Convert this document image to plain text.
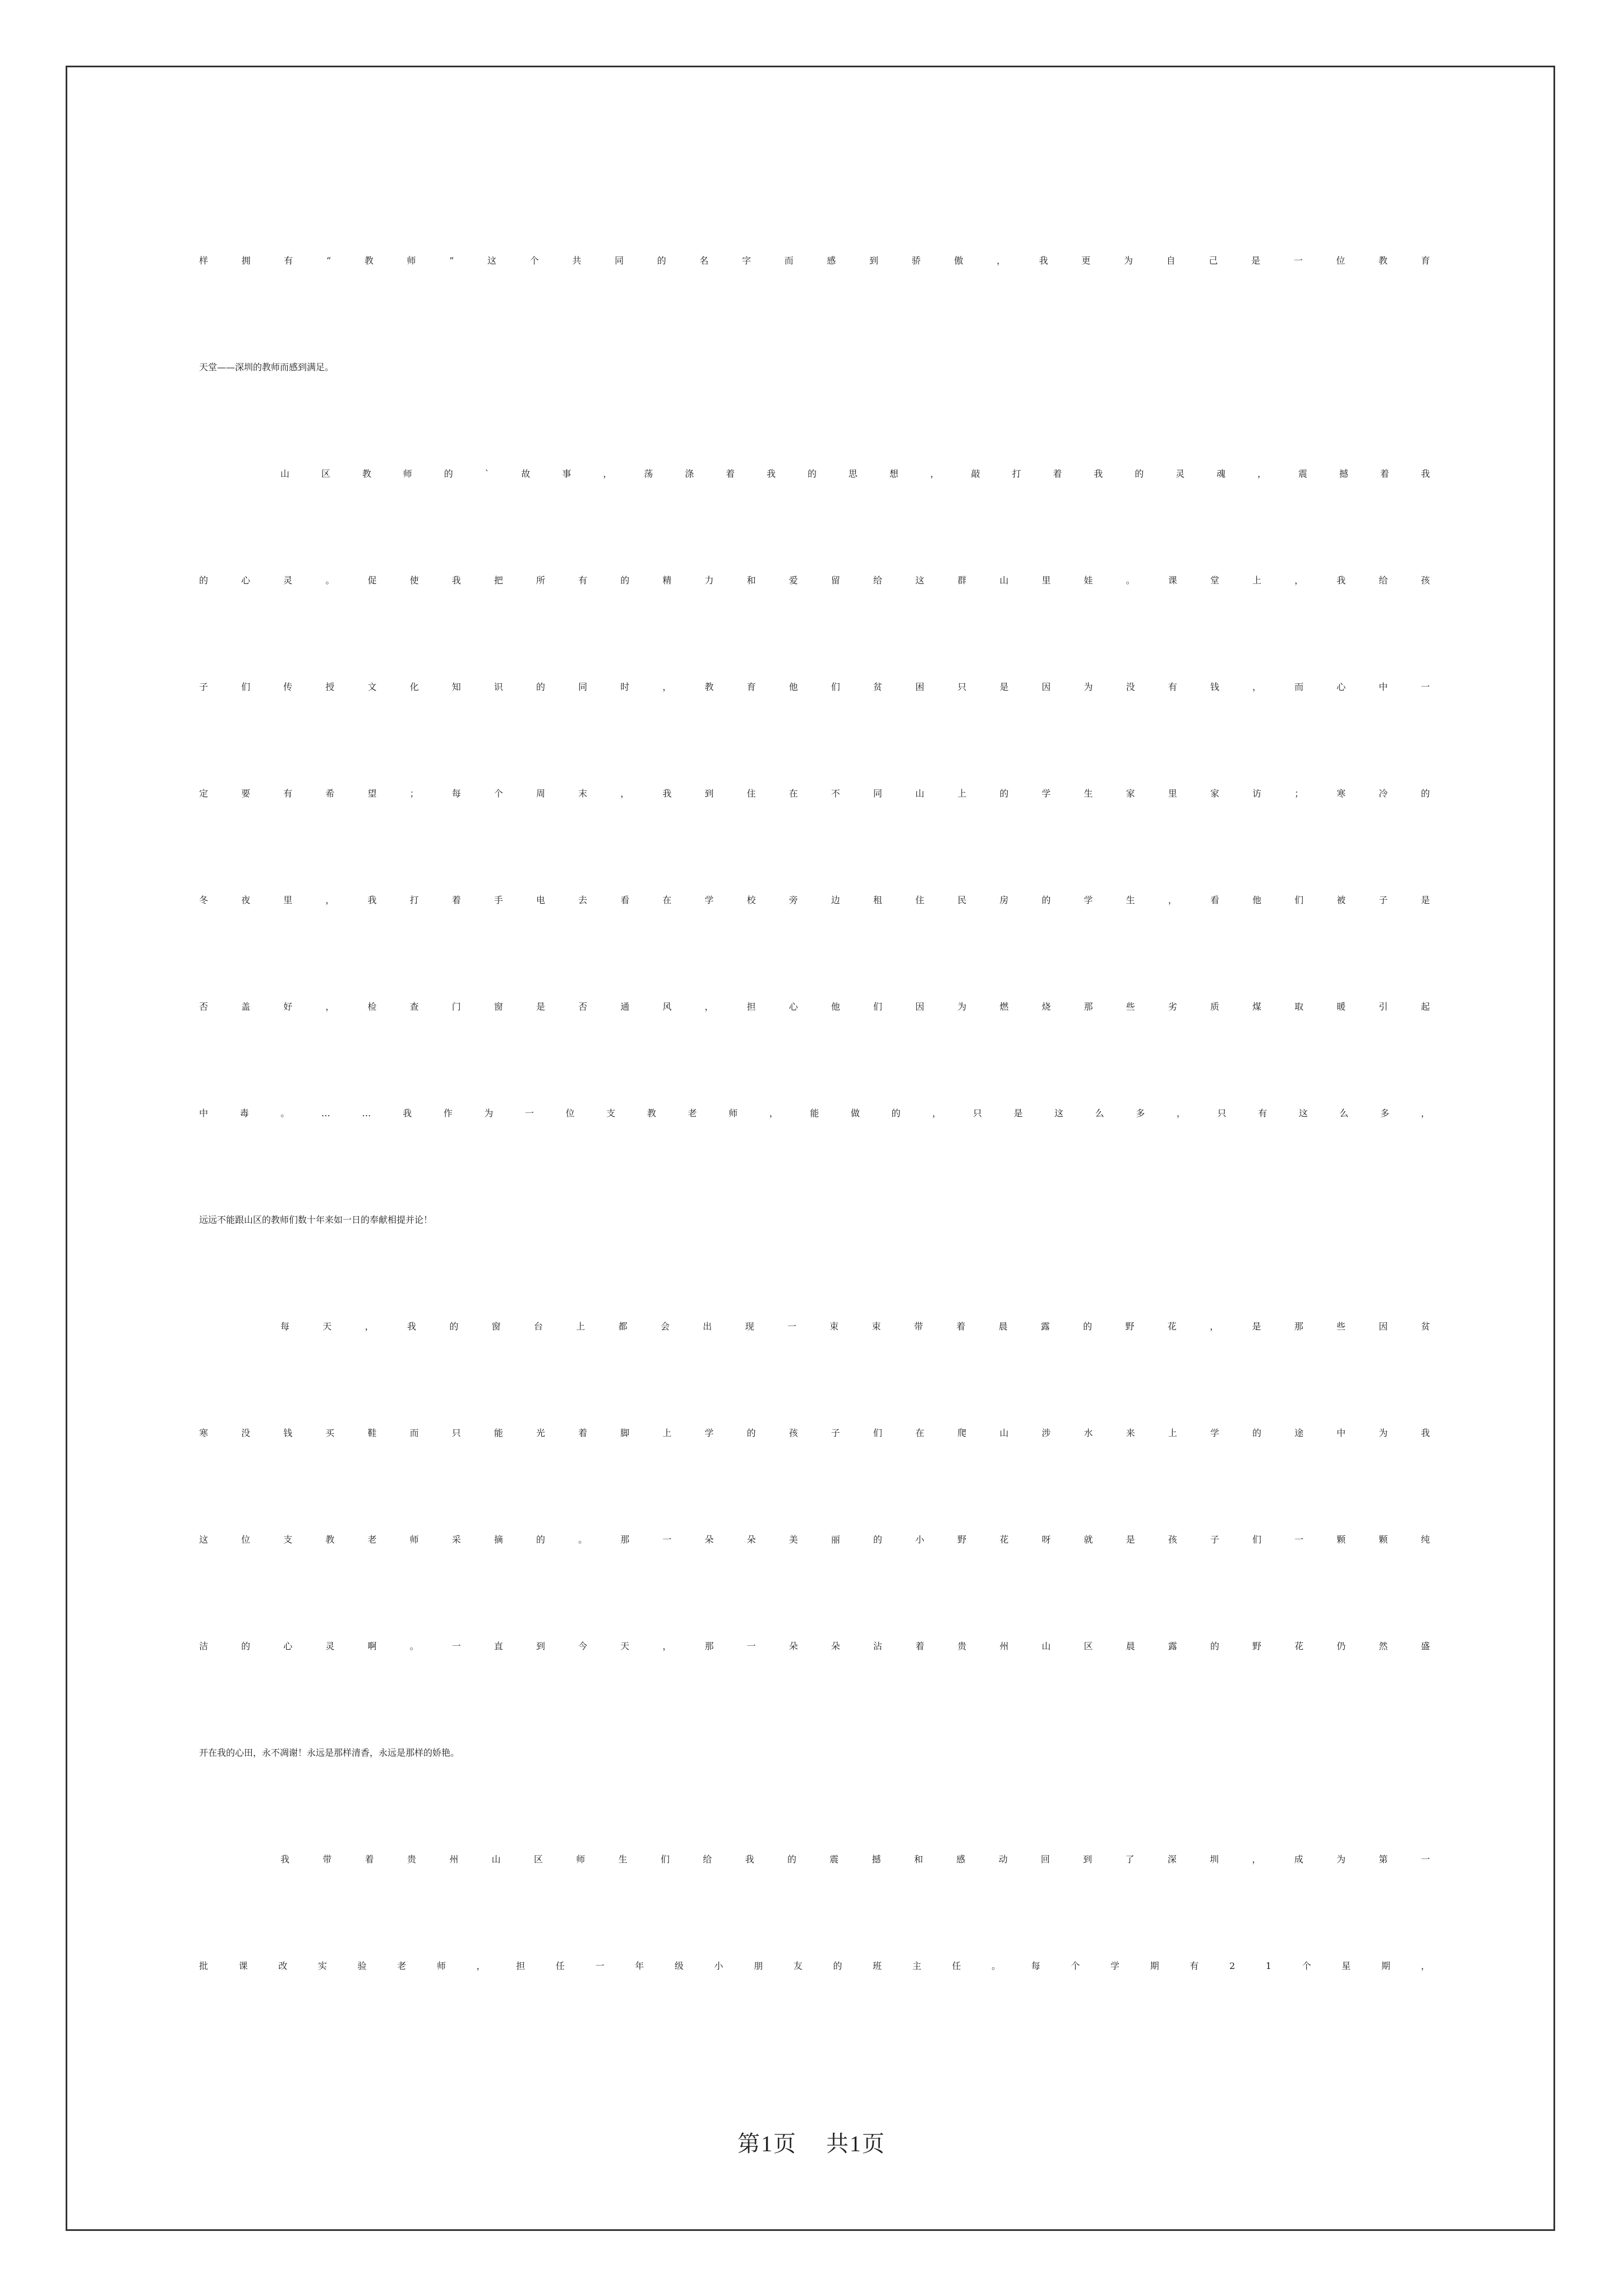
样	拥	有	“	教	师	”	这	个	共	同	的	名	字	而	感	到	骄	傲	，	我	更	为	自	己	是	一	位	教	育
天堂——深圳的教师而感到满足。
山	区	教	师	的	`	故	事	，	荡	涤	着	我	的	思	想	，	敲	打	着	我	的	灵	魂	，	震	撼	着	我
的	心	灵	。	促	使	我	把	所	有	的	精	力	和	爱	留	给	这	群	山	里	娃	。	课	堂	上	，	我	给	孩
子	们	传	授	文	化	知	识	的	同	时	，	教	育	他	们	贫	困	只	是	因	为	没	有	钱	，	而	心	中	一
定	要	有	希	望	；	每	个	周	末	，	我	到	住	在	不	同	山	上	的	学	生	家	里	家	访	；	寒	冷	的
冬	夜	里	，	我	打	着	手	电	去	看	在	学	校	旁	边	租	住	民	房	的	学	生	，	看	他	们	被	子	是
否	盖	好	，	检	查	门	窗	是	否	通	风	，	担	心	他	们	因	为	燃	烧	那	些	劣	质	煤	取	暖	引	起
中	毒	。	…	…	我	作	为	一	位	支	教	老	师	，	能	做	的	，	只	是	这	么	多	，	只	有	这	么	多	，
远远不能跟山区的教师们数十年来如一日的奉献相提并论！
每	天	，	我	的	窗	台	上	都	会	出	现	一	束	束	带	着	晨	露	的	野	花	，	是	那	些	因	贫
寒	没	钱	买	鞋	而	只	能	光	着	脚	上	学	的	孩	子	们	在	爬	山	涉	水	来	上	学	的	途	中	为	我
这	位	支	教	老	师	采	摘	的	。	那	一	朵	朵	美	丽	的	小	野	花	呀	就	是	孩	子	们	一	颗	颗	纯
洁	的	心	灵	啊	。	一	直	到	今	天	，	那	一	朵	朵	沾	着	贵	州	山	区	晨	露	的	野	花	仍	然	盛
开在我的心田，永不凋谢！永远是那样清香，永远是那样的娇艳。
我	带	着	贵	州	山	区	师	生	们	给	我	的	震	撼	和	感	动	回	到	了	深	圳	，	成	为	第	一
批	课	改	实	验	老	师	，	担	任	一	年	级	小	朋	友	的	班	主	任	。	每	个	学	期	有	2	1	个	星	期	，
第1页 共1页
